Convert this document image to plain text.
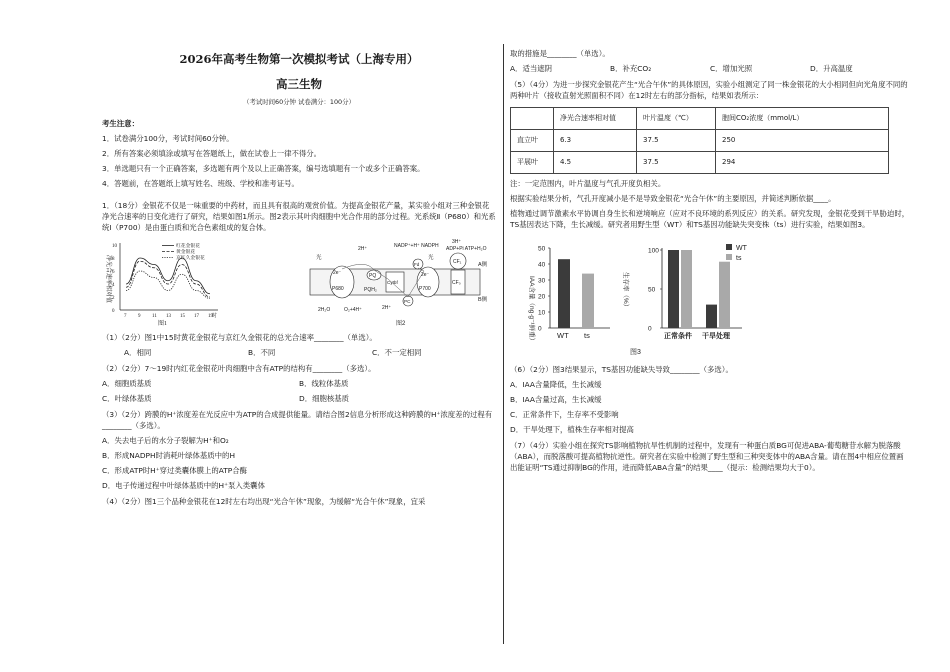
2026年高考生物第一次模拟考试（上海专用）
高三生物
（考试时间60分钟 试卷满分：100分）
考生注意：
1．试卷满分100分，考试时间60分钟。
2．所有答案必须填涂或填写在答题纸上，做在试卷上一律不得分。
3．单选题只有一个正确答案，多选题有两个及以上正确答案，编号选填题有一个或多个正确答案。
4．答题前，在答题纸上填写姓名、班级、学校和准考证号。
1．（18分）金银花不仅是一味重要的中药材，而且具有很高的观赏价值。为提高金银花产量，某实验小组对三种金银花净光合速率的日变化进行了研究，结果如图1所示。图2表示其叶肉细胞中光合作用的部分过程。光系统Ⅱ（P680）和光系统Ⅰ（P700）是由蛋白质和光合色素组成的复合体。
净光合速率相对值
10
8
6
4
2
0
7 9 11 13 15 17 19
红花金银花
黄金银花
京红久金银花
时
图1
NADP⁺+H⁺ NADPH
3H⁺
ADP+Pi ATP+H₂O
光
2H⁺
光
A侧
B侧
2e⁻
P680
PQ
PQH₂
Cytbf
Fd
PC
2e⁻
P700
CF₁
CF₀
2H₂O	O₂+4H⁺	2H⁺
图2
（1）（2分）图1中15时黄花金银花与京红久金银花的总光合速率________（单选）。
A．相同	B．不同	C．不一定相同
（2）（2分）7～19时内红花金银花叶肉细胞中含有ATP的结构有________（多选）。
A．细胞质基质	B．线粒体基质
C．叶绿体基质	D．细胞核基质
（3）（2分）跨膜的H⁺浓度差在光反应中为ATP的合成提供能量。请结合图2信息分析形成这种跨膜的H⁺浓度差的过程有________（多选）。
A．失去电子后的水分子裂解为H⁺和O₂
B．形成NADPH时消耗叶绿体基质中的H
C．形成ATP时H⁺穿过类囊体膜上的ATP合酶
D．电子传递过程中叶绿体基质中的H⁺泵入类囊体
（4）（2分）图1三个品种金银花在12时左右均出现“光合午休”现象，为缓解“光合午休”现象，宜采
取的措施是________（单选）。
A．适当遮阴	B．补充CO₂	C．增加光照	D．升高温度
（5）（4分）为进一步探究金银花产生“光合午休”的具体原因，实验小组测定了同一株金银花的大小相同但向光角度不同的两种叶片（接收直射光照面积不同）在12时左右的部分指标，结果如表所示：
	净光合速率相对值	叶片温度（℃）	胞间CO₂浓度（mmol/L）
直立叶	6.3	37.5	250
平展叶	4.5	37.5	294
注：一定范围内，叶片温度与气孔开度负相关。
根据实验结果分析，气孔开度减小是不是导致金银花“光合午休”的主要原因，并简述判断依据____。
植物通过调节激素水平协调自身生长和逆境响应（应对不良环境的系列反应）的关系。研究发现，金银花受到干旱胁迫时，TS基因表达下降，生长减缓。研究者用野生型（WT）和TS基因功能缺失突变株（ts）进行实验，结果如图3。
IAA含量（ng·g⁻¹鲜重） 0
10
20
30
40
50
WT ts
生存率（%）
0
50
100
正常条件 干旱处理
WT
ts
图3
（6）（2分）图3结果显示，TS基因功能缺失导致________（多选）。
A．IAA含量降低，生长减缓
B．IAA含量过高，生长减缓
C．正常条件下，生存率不受影响
D．干旱处理下，植株生存率相对提高
（7）（4分）实验小组在探究TS影响植物抗旱性机制的过程中，发现有一种蛋白质BG可促进ABA-葡萄糖苷水解为脱落酸（ABA），而脱落酸可提高植物抗逆性。研究者在实验中检测了野生型和三种突变体中的ABA含量。请在图4中相应位置画出能证明“TS通过抑制BG的作用，进而降低ABA含量”的结果____（提示：检测结果均大于0）。
